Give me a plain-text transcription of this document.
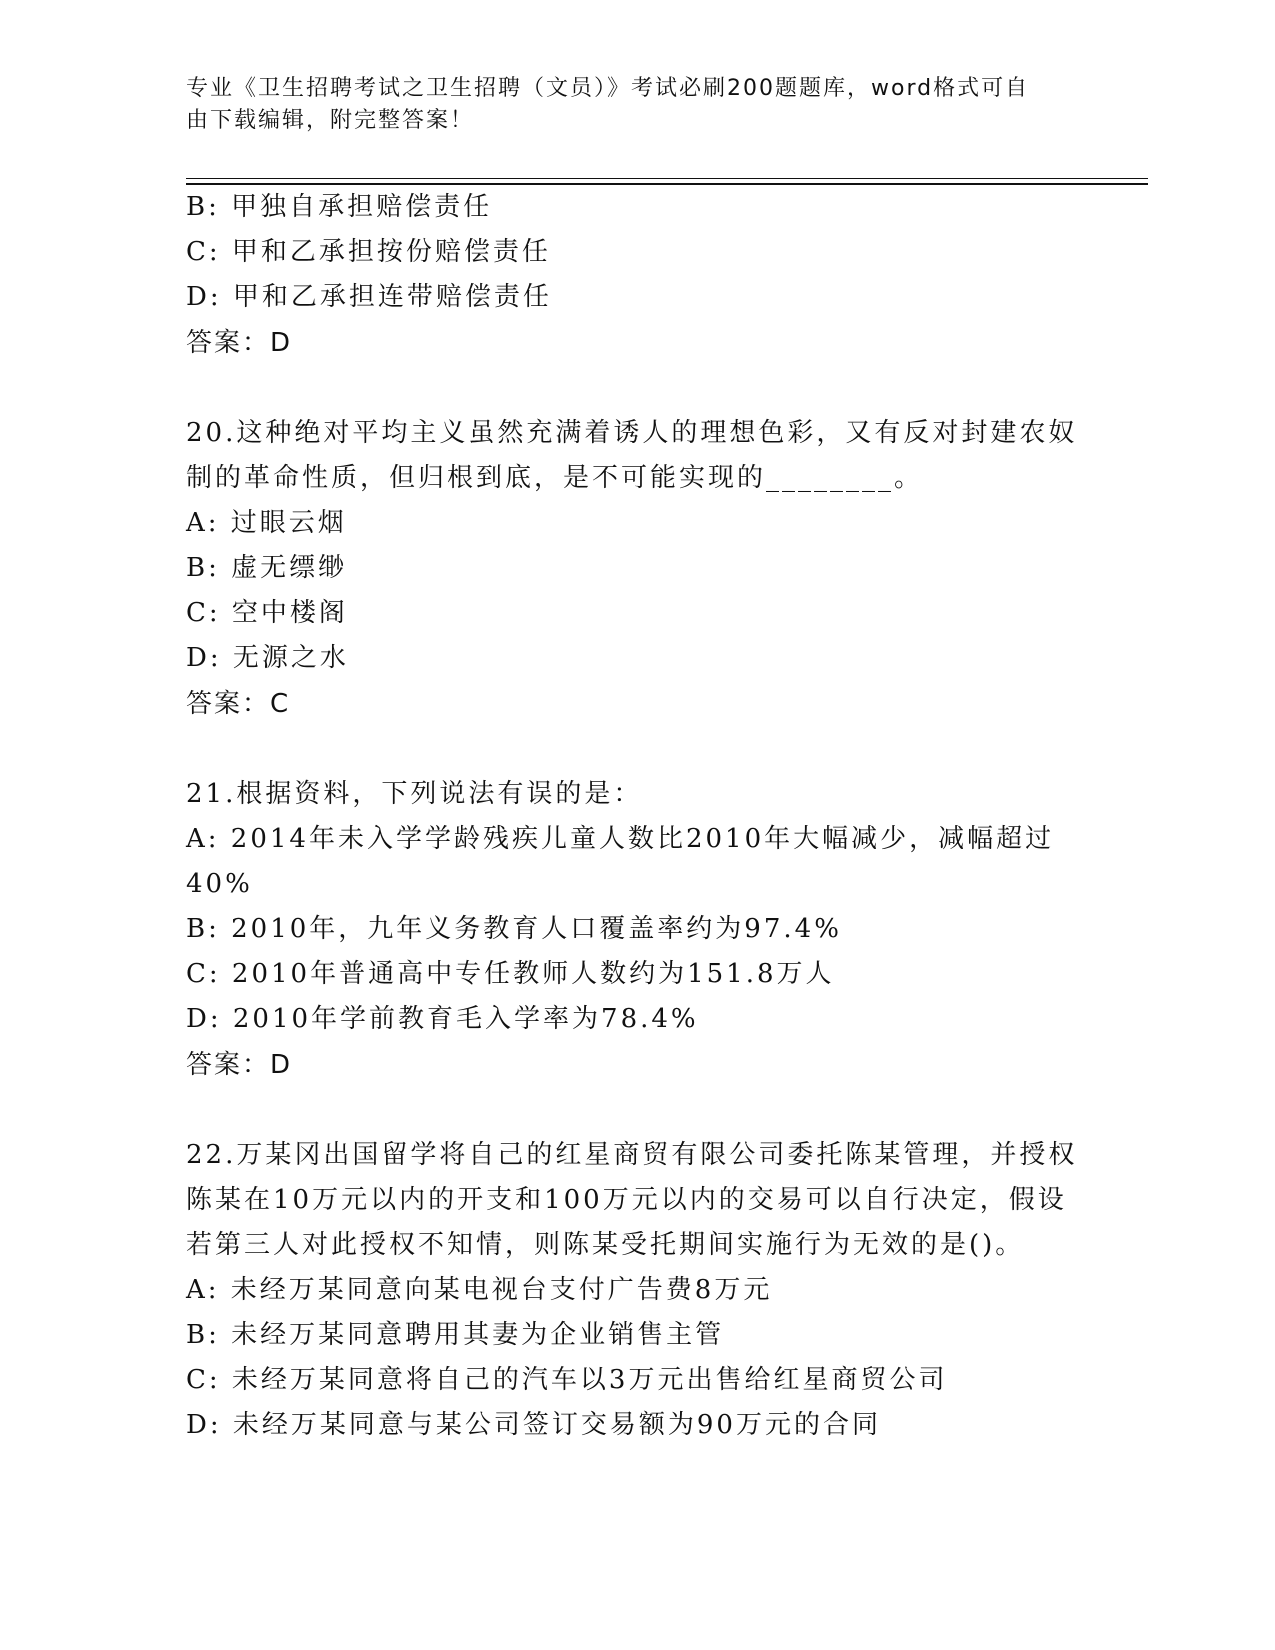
专业《卫生招聘考试之卫生招聘（文员）》考试必刷200题题库，word格式可自
由下载编辑，附完整答案！
B: 甲独自承担赔偿责任
C: 甲和乙承担按份赔偿责任
D: 甲和乙承担连带赔偿责任
答案：D
20.这种绝对平均主义虽然充满着诱人的理想色彩，又有反对封建农奴
制的革命性质，但归根到底，是不可能实现的________。
A: 过眼云烟
B: 虚无缥缈
C: 空中楼阁
D: 无源之水
答案：C
21.根据资料，下列说法有误的是：
A: 2014年未入学学龄残疾儿童人数比2010年大幅减少，减幅超过
40%
B: 2010年，九年义务教育人口覆盖率约为97.4%
C: 2010年普通高中专任教师人数约为151.8万人
D: 2010年学前教育毛入学率为78.4%
答案：D
22.万某冈出国留学将自己的红星商贸有限公司委托陈某管理，并授权
陈某在10万元以内的开支和100万元以内的交易可以自行决定，假设
若第三人对此授权不知情，则陈某受托期间实施行为无效的是()。
A: 未经万某同意向某电视台支付广告费8万元
B: 未经万某同意聘用其妻为企业销售主管
C: 未经万某同意将自己的汽车以3万元出售给红星商贸公司
D: 未经万某同意与某公司签订交易额为90万元的合同
